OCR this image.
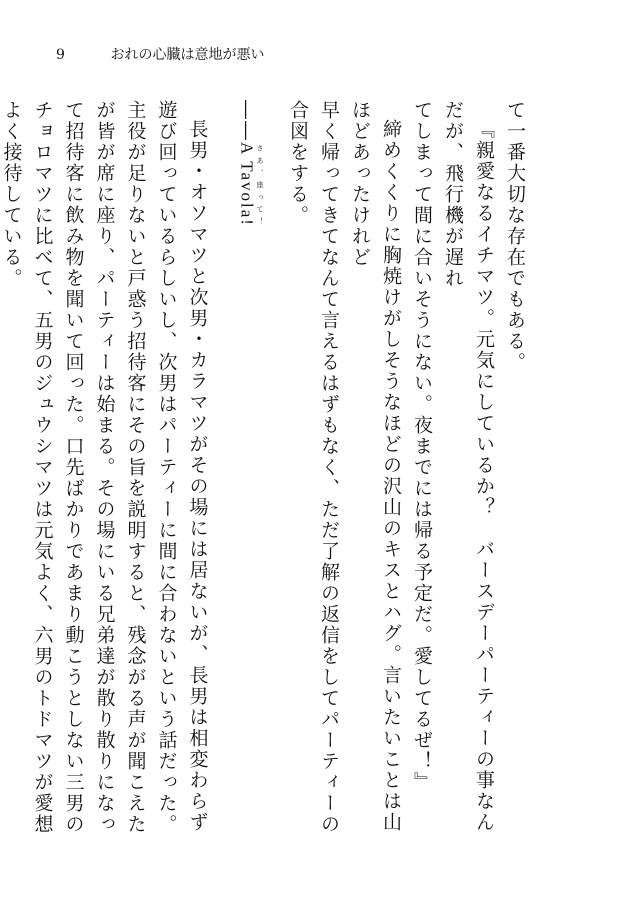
9	おれの心臓は意地が悪い
て一番大切な存在でもある。
『親愛なるイチマツ。元気にしているか？　バースデーパーティーの事なんだが、飛行機が遅れ
てしまって間に合いそうにない。夜までには帰る予定だ。愛してるぜ！』
締めくくりに胸焼けがしそうなほどの沢山のキスとハグ。言いたいことは山ほどあったけれど
早く帰ってきてなんて言えるはずもなく、ただ了解の返信をしてパーティーの合図をする。
――A Tavola! さあ、座って！
長男・オソマツと次男・カラマツがその場には居ないが、長男は相変わらず遊び回っているらしいし、次男はパーティーに間に合わないという話だった。主役が足りないと戸惑う招待客にその旨を説明すると、残念がる声が聞こえたが皆が席に座り、パーティーは始まる。その場にいる兄弟達が散り散りになって招待客に飲み物を聞いて回った。口先ばかりであまり動こうとしない三男のチョロマツに比べて、五男のジュウシマツは元気よく、六男のトドマツが愛想よく接待している。
